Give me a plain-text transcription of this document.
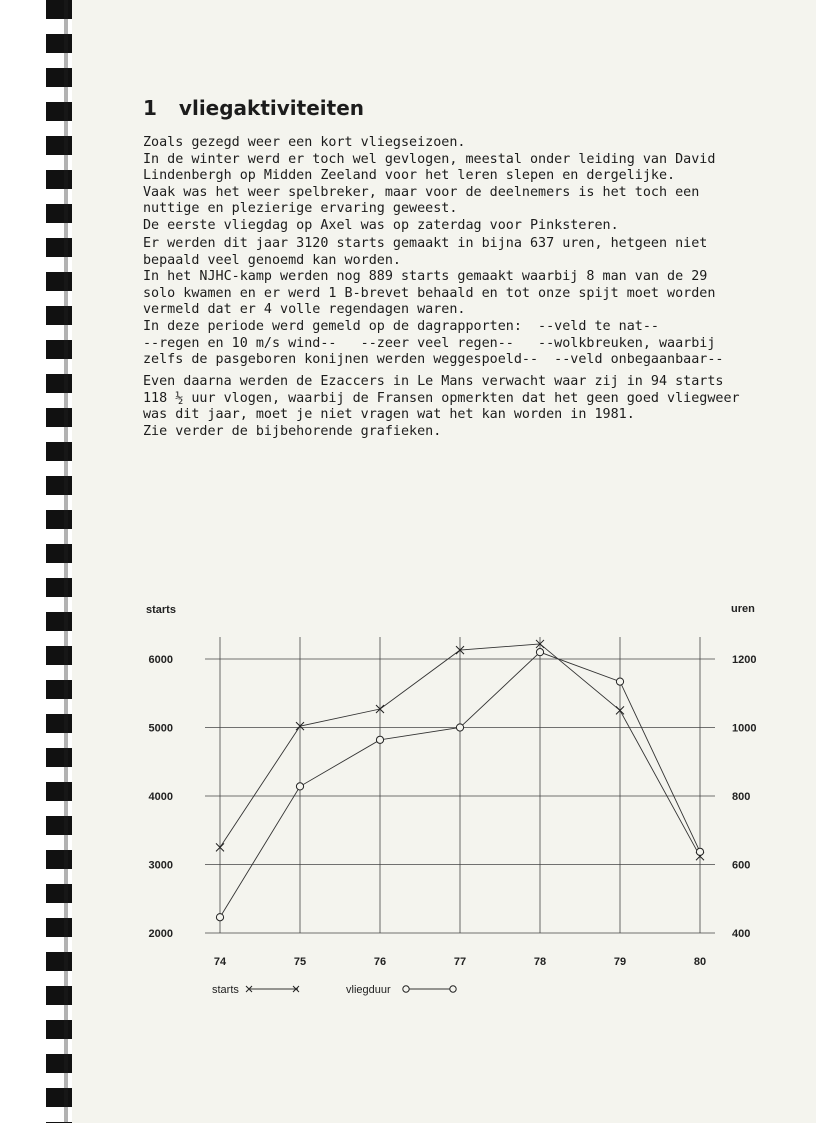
1 vliegaktiviteiten
Zoals gezegd weer een kort vliegseizoen.
In de winter werd er toch wel gevlogen, meestal onder leiding van David
Lindenbergh op Midden Zeeland voor het leren slepen en dergelijke.
Vaak was het weer spelbreker, maar voor de deelnemers is het toch een
nuttige en plezierige ervaring geweest.
De eerste vliegdag op Axel was op zaterdag voor Pinksteren.
Er werden dit jaar 3120 starts gemaakt in bijna 637 uren, hetgeen niet
bepaald veel genoemd kan worden.
In het NJHC-kamp werden nog 889 starts gemaakt waarbij 8 man van de 29
solo kwamen en er werd 1 B-brevet behaald en tot onze spijt moet worden
vermeld dat er 4 volle regendagen waren.
In deze periode werd gemeld op de dagrapporten:  --veld te nat--
--regen en 10 m/s wind--   --zeer veel regen--   --wolkbreuken, waarbij
zelfs de pasgeboren konijnen werden weggespoeld--  --veld onbegaanbaar--
Even daarna werden de Ezaccers in Le Mans verwacht waar zij in 94 starts
118 ½ uur vlogen, waarbij de Fransen opmerkten dat het geen goed vliegweer
was dit jaar, moet je niet vragen wat het kan worden in 1981.
Zie verder de bijbehorende grafieken.
2000
3000
4000
5000
6000
400
600
800
1000
1200
74	75	76	77	78	79	80
starts	uren
starts	vliegduur
